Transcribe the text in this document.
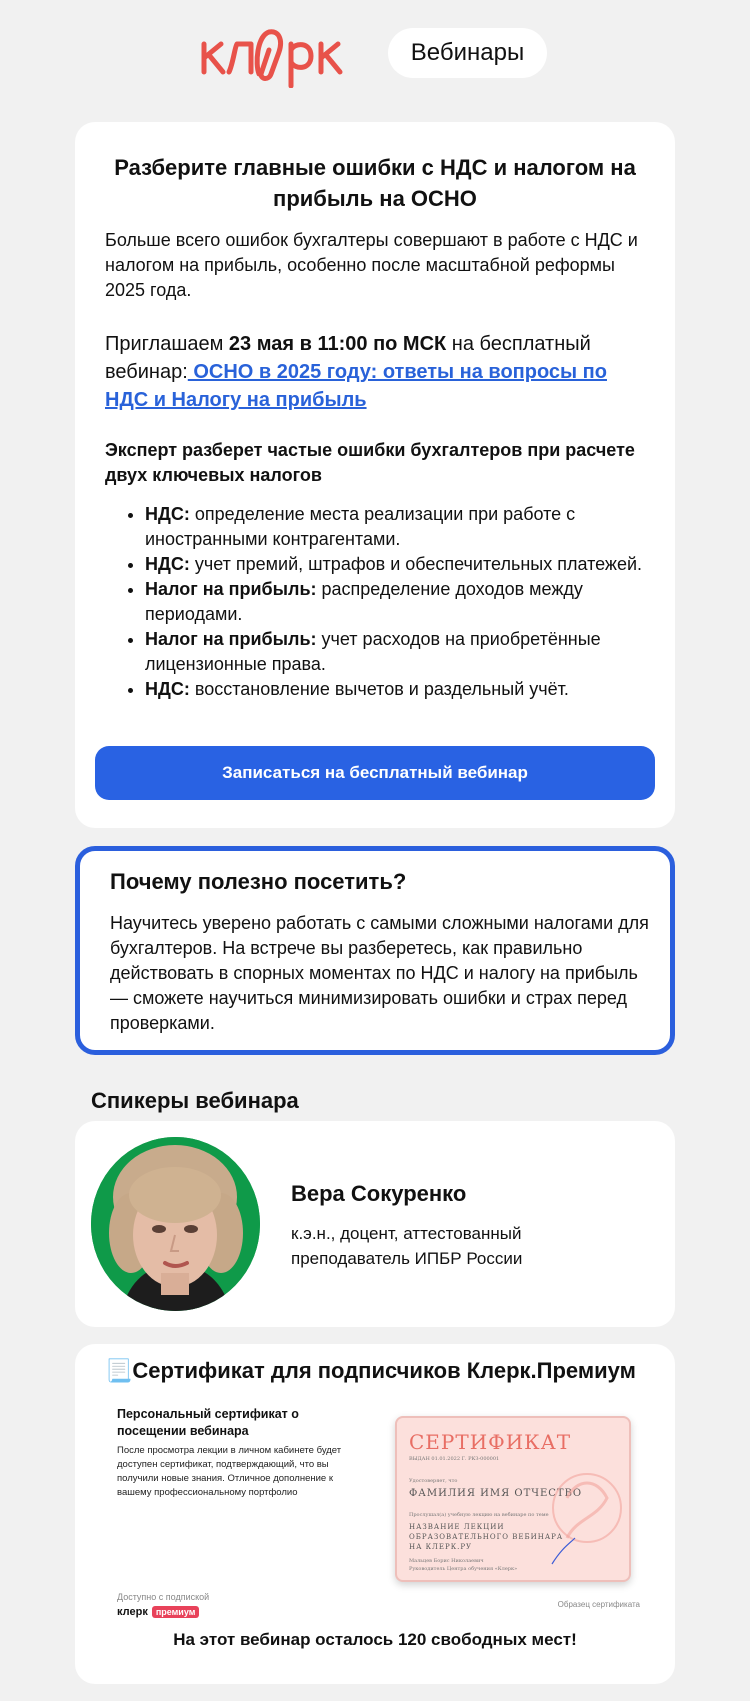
Вебинары
Разберите главные ошибки с НДС и налогом на прибыль на ОСНО
Больше всего ошибок бухгалтеры совершают в работе с НДС и налогом на прибыль, особенно после масштабной реформы 2025 года.
Приглашаем 23 мая в 11:00 по МСК на бесплатный вебинар: ОСНО в 2025 году: ответы на вопросы по НДС и Налогу на прибыль
Эксперт разберет частые ошибки бухгалтеров при расчете двух ключевых налогов
• НДС: определение места реализации при работе с иностранными контрагентами.
• НДС: учет премий, штрафов и обеспечительных платежей.
• Налог на прибыль: распределение доходов между периодами.
• Налог на прибыль: учет расходов на приобретённые лицензионные права.
• НДС: восстановление вычетов и раздельный учёт.
Записаться на бесплатный вебинар
Почему полезно посетить?
Научитесь уверено работать с самыми сложными налогами для бухгалтеров. На встрече вы разберетесь, как правильно действовать в спорных моментах по НДС и налогу на прибыль — сможете научиться минимизировать ошибки и страх перед проверками.
Спикеры вебинара
Вера Сокуренко
к.э.н., доцент, аттестованный преподаватель ИПБР России
📃Сертификат для подписчиков Клерк.Премиум
Персональный сертификат о посещении вебинара
После просмотра лекции в личном кабинете будет доступен сертификат, подтверждающий, что вы получили новые знания. Отличное дополнение к вашему профессиональному портфолио
Доступно с подпиской
клерк премиум
СЕРТИФИКАТ
ВЫДАН 01.01.2022 Г. РКЗ-000001
Удостоверяет, что
ФАМИЛИЯ ИМЯ ОТЧЕСТВО
Прослушал(а) учебную лекцию на вебинаре по теме
НАЗВАНИЕ ЛЕКЦИИ ОБРАЗОВАТЕЛЬНОГО ВЕБИНАРА НА КЛЕРК.РУ
Мальцев Борис Николаевич
Руководитель Центра обучения «Клерк»
Образец сертификата
На этот вебинар осталось 120 свободных мест!
